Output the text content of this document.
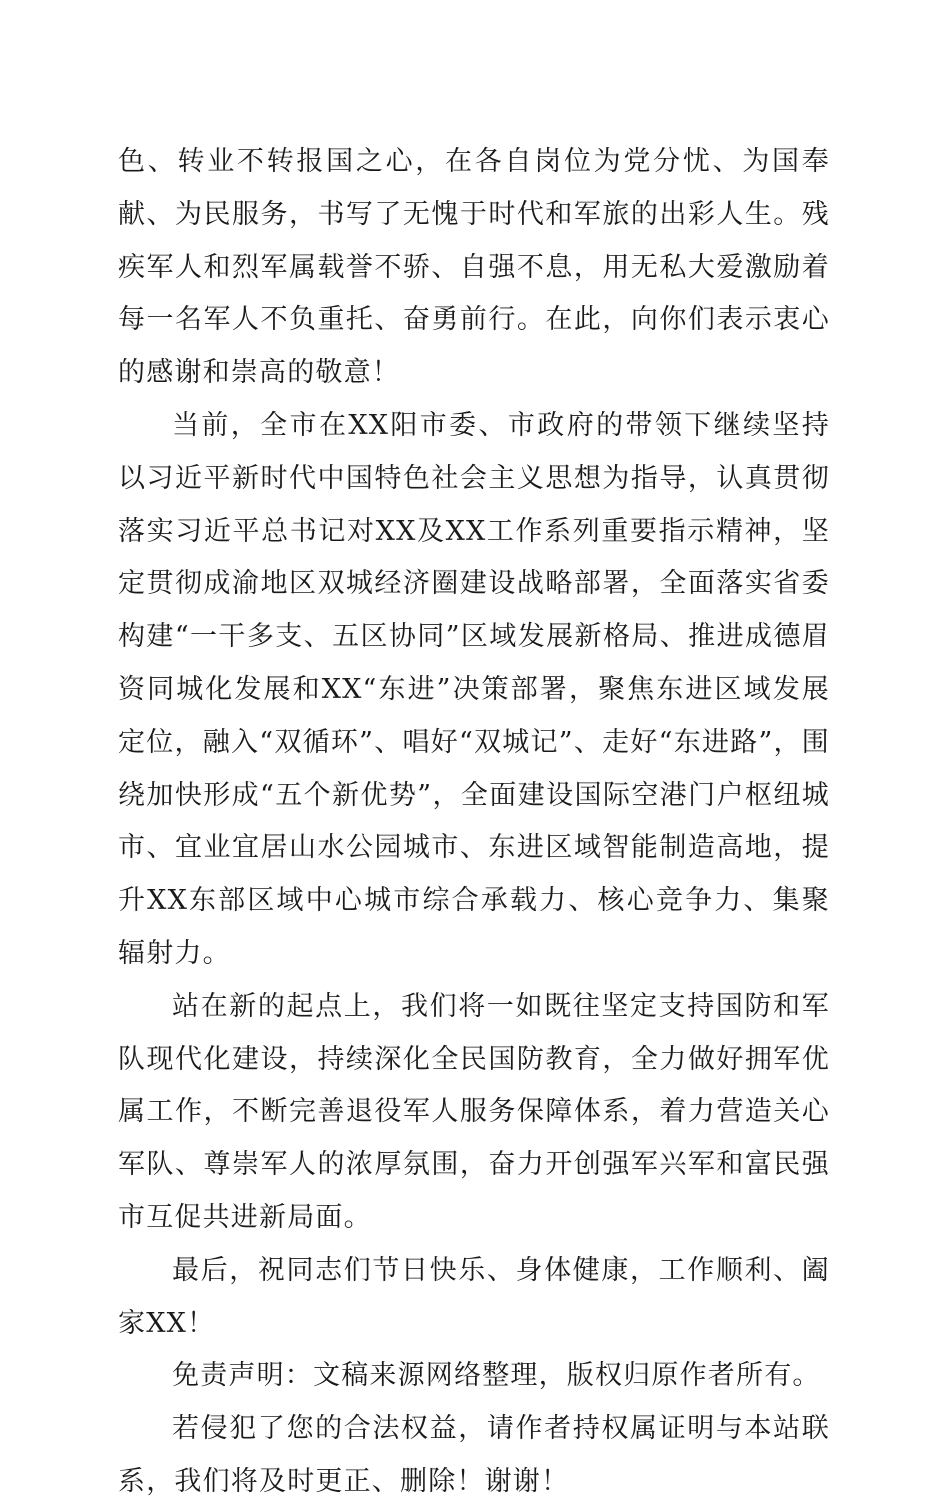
色、转业不转报国之心，在各自岗位为党分忧、为国奉献、为民服务，书写了无愧于时代和军旅的出彩人生。残疾军人和烈军属载誉不骄、自强不息，用无私大爱激励着每一名军人不负重托、奋勇前行。在此，向你们表示衷心的感谢和崇高的敬意！

当前，全市在XX阳市委、市政府的带领下继续坚持以习近平新时代中国特色社会主义思想为指导，认真贯彻落实习近平总书记对XX及XX工作系列重要指示精神，坚定贯彻成渝地区双城经济圈建设战略部署，全面落实省委构建“一干多支、五区协同”区域发展新格局、推进成德眉资同城化发展和XX“东进”决策部署，聚焦东进区域发展定位，融入“双循环”、唱好“双城记”、走好“东进路”，围绕加快形成“五个新优势”，全面建设国际空港门户枢纽城市、宜业宜居山水公园城市、东进区域智能制造高地，提升XX东部区域中心城市综合承载力、核心竞争力、集聚辐射力。

站在新的起点上，我们将一如既往坚定支持国防和军队现代化建设，持续深化全民国防教育，全力做好拥军优属工作，不断完善退役军人服务保障体系，着力营造关心军队、尊崇军人的浓厚氛围，奋力开创强军兴军和富民强市互促共进新局面。

最后，祝同志们节日快乐、身体健康，工作顺利、阖家XX！

免责声明：文稿来源网络整理，版权归原作者所有。

若侵犯了您的合法权益，请作者持权属证明与本站联系，我们将及时更正、删除！谢谢！
